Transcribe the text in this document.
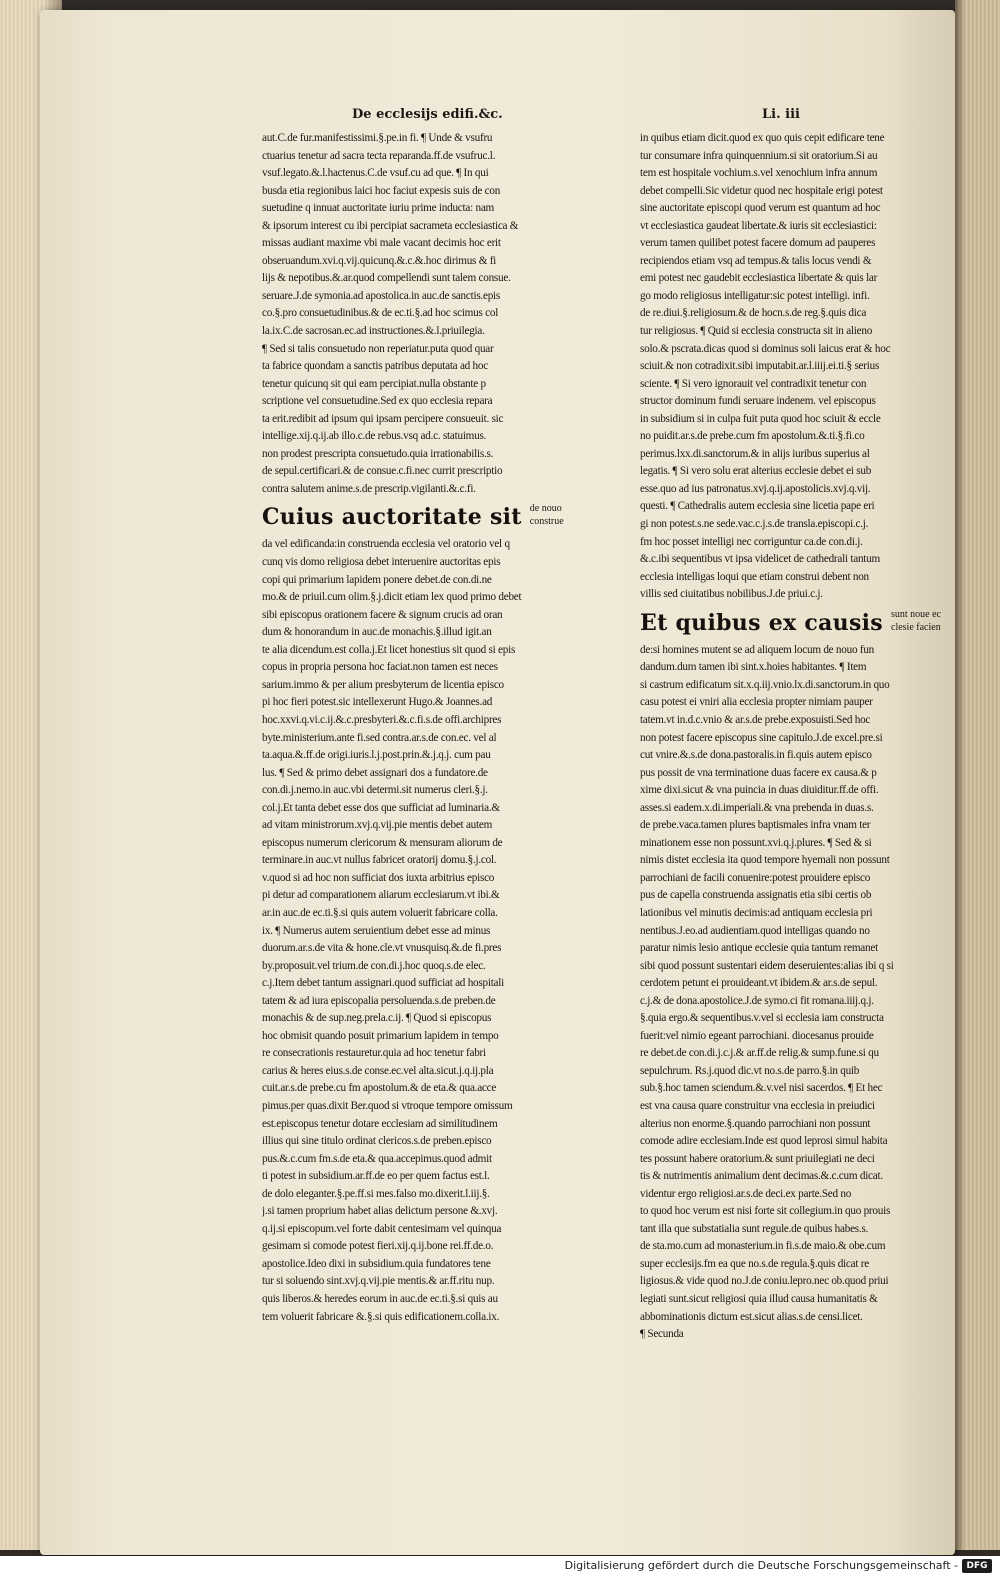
De ecclesijs edifi.&c.	Li. iii
aut.C.de fur.manifestissimi.§.pe.in fi. ¶ Unde & vsufru
ctuarius tenetur ad sacra tecta reparanda.ff.de vsufruc.l.
vsuf.legato.&.l.hactenus.C.de vsuf.cu ad que. ¶ In qui
busda etia regionibus laici hoc faciut expesis suis de con
suetudine q innuat auctoritate iuriu prime inducta: nam
& ipsorum interest cu ibi percipiat sacrameta ecclesiastica &
missas audiant maxime vbi male vacant decimis hoc erit
obseruandum.xvi.q.vij.quicunq.&.c.&.hoc dirimus & fi
lijs & nepotibus.&.ar.quod compellendi sunt talem consue.
seruare.J.de symonia.ad apostolica.in auc.de sanctis.epis
co.§.pro consuetudinibus.& de ec.ti.§.ad hoc scimus col
la.ix.C.de sacrosan.ec.ad instructiones.&.l.priuilegia.
¶ Sed si talis consuetudo non reperiatur.puta quod quar
ta fabrice quondam a sanctis patribus deputata ad hoc
tenetur quicunq sit qui eam percipiat.nulla obstante p
scriptione vel consuetudine.Sed ex quo ecclesia repara
ta erit.redibit ad ipsum qui ipsam percipere consueuit. sic
intellige.xij.q.ij.ab illo.c.de rebus.vsq ad.c. statuimus.
non prodest prescripta consuetudo.quia irrationabilis.s.
de sepul.certificari.& de consue.c.fi.nec currit prescriptio
contra salutem anime.s.de prescrip.vigilanti.&.c.fi.
Cuius auctoritate sit de nouo
construe
da vel edificanda:in construenda ecclesia vel oratorio vel q
cunq vis domo religiosa debet interuenire auctoritas epis
copi qui primarium lapidem ponere debet.de con.di.ne
mo.& de priuil.cum olim.§.j.dicit etiam lex quod primo debet
sibi episcopus orationem facere & signum crucis ad oran
dum & honorandum in auc.de monachis.§.illud igit.an
te alia dicendum.est colla.j.Et licet honestius sit quod si epis
copus in propria persona hoc faciat.non tamen est neces
sarium.immo & per alium presbyterum de licentia episco
pi hoc fieri potest.sic intellexerunt Hugo.& Joannes.ad
hoc.xxvi.q.vi.c.ij.&.c.presbyteri.&.c.fi.s.de offi.archipres
byte.ministerium.ante fi.sed contra.ar.s.de con.ec. vel al
ta.aqua.&.ff.de origi.iuris.l.j.post.prin.&.j.q.j. cum pau
lus. ¶ Sed & primo debet assignari dos a fundatore.de
con.di.j.nemo.in auc.vbi determi.sit numerus cleri.§.j.
col.j.Et tanta debet esse dos que sufficiat ad luminaria.&
ad vitam ministrorum.xvj.q.vij.pie mentis debet autem
episcopus numerum clericorum & mensuram aliorum de
terminare.in auc.vt nullus fabricet oratorij domu.§.j.col.
v.quod si ad hoc non sufficiat dos iuxta arbitrius episco
pi detur ad comparationem aliarum ecclesiarum.vt ibi.&
ar.in auc.de ec.ti.§.si quis autem voluerit fabricare colla.
ix. ¶ Numerus autem seruientium debet esse ad minus
duorum.ar.s.de vita & hone.cle.vt vnusquisq.&.de fi.pres
by.proposuit.vel trium.de con.di.j.hoc quoq.s.de elec.
c.j.Item debet tantum assignari.quod sufficiat ad hospitali
tatem & ad iura episcopalia persoluenda.s.de preben.de
monachis & de sup.neg.prela.c.ij. ¶ Quod si episcopus
hoc obmisit quando posuit primarium lapidem in tempo
re consecrationis restauretur.quia ad hoc tenetur fabri
carius & heres eius.s.de conse.ec.vel alta.sicut.j.q.ij.pla
cuit.ar.s.de prebe.cu fm apostolum.& de eta.& qua.acce
pimus.per quas.dixit Ber.quod si vtroque tempore omissum
est.episcopus tenetur dotare ecclesiam ad similitudinem
illius qui sine titulo ordinat clericos.s.de preben.episco
pus.&.c.cum fm.s.de eta.& qua.accepimus.quod admit
ti potest in subsidium.ar.ff.de eo per quem factus est.l.
de dolo eleganter.§.pe.ff.si mes.falso mo.dixerit.l.iij.§.
j.si tamen proprium habet alias delictum persone &.xvj.
q.ij.si episcopum.vel forte dabit centesimam vel quinqua
gesimam si comode potest fieri.xij.q.ij.bone rei.ff.de.o.
apostolice.Ideo dixi in subsidium.quia fundatores tene
tur si soluendo sint.xvj.q.vij.pie mentis.& ar.ff.ritu nup.
quis liberos.& heredes eorum in auc.de ec.ti.§.si quis au
tem voluerit fabricare &.§.si quis edificationem.colla.ix.
in quibus etiam dicit.quod ex quo quis cepit edificare tene
tur consumare infra quinquennium.si sit oratorium.Si au
tem est hospitale vochium.s.vel xenochium infra annum
debet compelli.Sic videtur quod nec hospitale erigi potest
sine auctoritate episcopi quod verum est quantum ad hoc
vt ecclesiastica gaudeat libertate.& iuris sit ecclesiastici:
verum tamen quilibet potest facere domum ad pauperes
recipiendos etiam vsq ad tempus.& talis locus vendi &
emi potest nec gaudebit ecclesiastica libertate & quis lar
go modo religiosus intelligatur:sic potest intelligi. infi.
de re.diui.§.religiosum.& de hocn.s.de reg.§.quis dica
tur religiosus. ¶ Quid si ecclesia constructa sit in alieno
solo.& pscrata.dicas quod si dominus soli laicus erat & hoc
sciuit.& non cotradixit.sibi imputabit.ar.l.iiij.ei.ti.§ serius
sciente. ¶ Si vero ignorauit vel contradixit tenetur con
structor dominum fundi seruare indenem. vel episcopus
in subsidium si in culpa fuit puta quod hoc sciuit & eccle
no puidit.ar.s.de prebe.cum fm apostolum.&.ti.§.fi.co
perimus.lxx.di.sanctorum.& in alijs iuribus superius al
legatis. ¶ Si vero solu erat alterius ecclesie debet ei sub
esse.quo ad ius patronatus.xvj.q.ij.apostolicis.xvj.q.vij.
questi. ¶ Cathedralis autem ecclesia sine licetia pape eri
gi non potest.s.ne sede.vac.c.j.s.de transla.episcopi.c.j.
fm hoc posset intelligi nec corriguntur ca.de con.di.j.
&.c.ibi sequentibus vt ipsa videlicet de cathedrali tantum
ecclesia intelligas loqui que etiam construi debent non
villis sed ciuitatibus nobilibus.J.de priui.c.j.
Et quibus ex causis sunt noue ec
clesie facien
de:si homines mutent se ad aliquem locum de nouo fun
dandum.dum tamen ibi sint.x.hoies habitantes. ¶ Item
si castrum edificatum sit.x.q.iij.vnio.lx.di.sanctorum.in quo
casu potest ei vniri alia ecclesia propter nimiam pauper
tatem.vt in.d.c.vnio & ar.s.de prebe.exposuisti.Sed hoc
non potest facere episcopus sine capitulo.J.de excel.pre.si
cut vnire.&.s.de dona.pastoralis.in fi.quis autem episco
pus possit de vna terminatione duas facere ex causa.& p
xime dixi.sicut & vna puincia in duas diuiditur.ff.de offi.
asses.si eadem.x.di.imperiali.& vna prebenda in duas.s.
de prebe.vaca.tamen plures baptismales infra vnam ter
minationem esse non possunt.xvi.q.j.plures. ¶ Sed & si
nimis distet ecclesia ita quod tempore hyemali non possunt
parrochiani de facili conuenire:potest prouidere episco
pus de capella construenda assignatis etia sibi certis ob
lationibus vel minutis decimis:ad antiquam ecclesia pri
nentibus.J.eo.ad audientiam.quod intelligas quando no
paratur nimis lesio antique ecclesie quia tantum remanet
sibi quod possunt sustentari eidem deseruientes:alias ibi q si
cerdotem petunt ei prouideant.vt ibidem.& ar.s.de sepul.
c.j.& de dona.apostolice.J.de symo.ci fit romana.iiij.q.j.
§.quia ergo.& sequentibus.v.vel si ecclesia iam constructa
fuerit:vel nimio egeant parrochiani. diocesanus prouide
re debet.de con.di.j.c.j.& ar.ff.de relig.& sump.fune.si qu
sepulchrum. Rs.j.quod dic.vt no.s.de parro.§.in quib
sub.§.hoc tamen sciendum.&.v.vel nisi sacerdos. ¶ Et hec
est vna causa quare construitur vna ecclesia in preiudici
alterius non enorme.§.quando parrochiani non possunt
comode adire ecclesiam.Inde est quod leprosi simul habita
tes possunt habere oratorium.& sunt priuilegiati ne deci
tis & nutrimentis animalium dent decimas.&.c.cum dicat.
videntur ergo religiosi.ar.s.de deci.ex parte.Sed no
to quod hoc verum est nisi forte sit collegium.in quo prouis
tant illa que substatialia sunt regule.de quibus habes.s.
de sta.mo.cum ad monasterium.in fi.s.de maio.& obe.cum
super ecclesijs.fm ea que no.s.de regula.§.quis dicat re
ligiosus.& vide quod no.J.de coniu.lepro.nec ob.quod priui
legiati sunt.sicut religiosi quia illud causa humanitatis &
abbominationis dictum est.sicut alias.s.de censi.licet.
¶ Secunda
Digitalisierung gefördert durch die Deutsche Forschungsgemeinschaft - DFG
